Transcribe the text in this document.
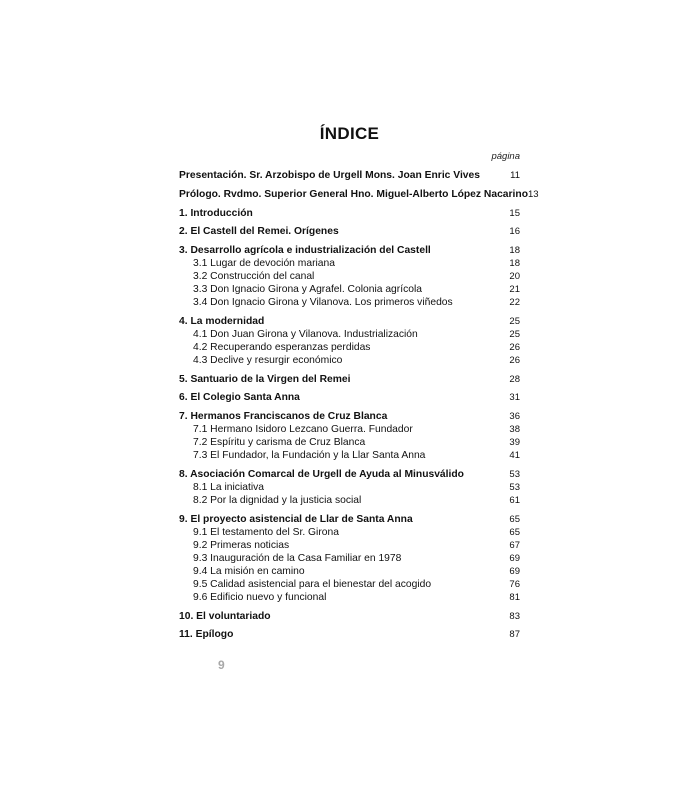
ÍNDICE
página
Presentación. Sr. Arzobispo de Urgell Mons. Joan Enric Vives	11
Prólogo. Rvdmo. Superior General Hno. Miguel-Alberto López Nacarino 13
1. Introducción	15
2. El Castell del Remei. Orígenes	16
3. Desarrollo agrícola e industrialización del Castell	18
3.1 Lugar de devoción mariana	18
3.2 Construcción del canal	20
3.3 Don Ignacio Girona y Agrafel. Colonia agrícola	21
3.4 Don Ignacio Girona y Vilanova. Los primeros viñedos	22
4. La modernidad	25
4.1 Don Juan Girona y Vilanova. Industrialización	25
4.2 Recuperando esperanzas perdidas	26
4.3 Declive y resurgir económico	26
5. Santuario de la Virgen del Remei	28
6. El Colegio Santa Anna	31
7. Hermanos Franciscanos de Cruz Blanca	36
7.1 Hermano Isidoro Lezcano Guerra. Fundador	38
7.2 Espíritu y carisma de Cruz Blanca	39
7.3 El Fundador, la Fundación y la Llar Santa Anna	41
8. Asociación Comarcal de Urgell de Ayuda al Minusválido	53
8.1 La iniciativa	53
8.2 Por la dignidad y la justicia social	61
9. El proyecto asistencial de Llar de Santa Anna	65
9.1 El testamento del Sr. Girona	65
9.2 Primeras noticias	67
9.3 Inauguración de la Casa Familiar en 1978	69
9.4 La misión en camino	69
9.5 Calidad asistencial para el bienestar del acogido	76
9.6 Edificio nuevo y funcional	81
10. El voluntariado	83
11. Epílogo	87
9
